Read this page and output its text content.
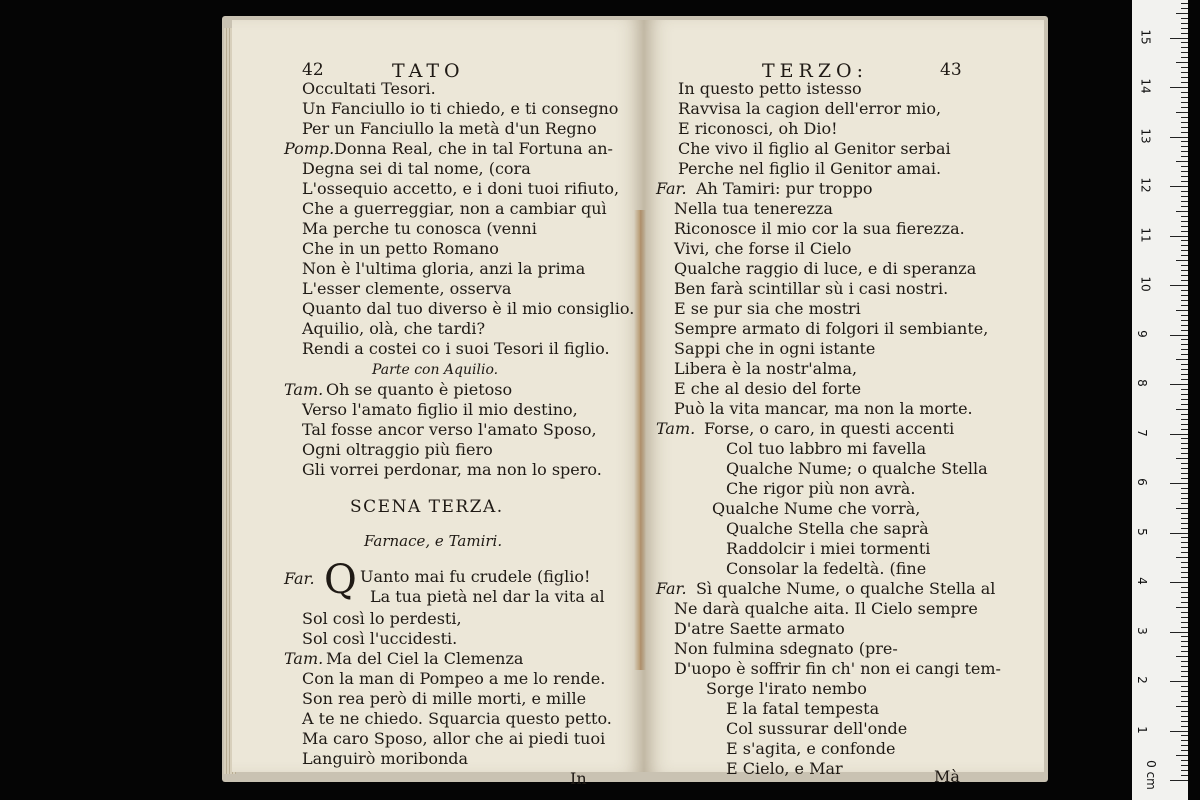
42	TATO
Occultati Tesori.
Un Fanciullo io ti chiedo, e ti consegno
Per un Fanciullo la metà d'un Regno
Pomp. Donna Real, che in tal Fortuna an-
Degna sei di tal nome, (cora
L'ossequio accetto, e i doni tuoi rifiuto,
Che a guerreggiar, non a cambiar quì
Ma perche tu conosca (venni
Che in un petto Romano
Non è l'ultima gloria, anzi la prima
L'esser clemente, osserva
Quanto dal tuo diverso è il mio consiglio.
Aquilio, olà, che tardi?
Rendi a costei co i suoi Tesori il figlio.
Parte con Aquilio.
Tam. Oh se quanto è pietoso
Verso l'amato figlio il mio destino,
Tal fosse ancor verso l'amato Sposo,
Ogni oltraggio più fiero
Gli vorrei perdonar, ma non lo spero.
SCENA TERZA.
Farnace, e Tamiri.
Far. Q Uanto mai fu crudele (figlio!
La tua pietà nel dar la vita al
Sol così lo perdesti,
Sol così l'uccidesti.
Tam. Ma del Ciel la Clemenza
Con la man di Pompeo a me lo rende.
Son rea però di mille morti, e mille
A te ne chiedo. Squarcia questo petto.
Ma caro Sposo, allor che ai piedi tuoi
Languirò moribonda
In
TERZO:	43
In questo petto istesso
Ravvisa la cagion dell'error mio,
E riconosci, oh Dio!
Che vivo il figlio al Genitor serbai
Perche nel figlio il Genitor amai.
Far. Ah Tamiri: pur troppo
Nella tua tenerezza
Riconosce il mio cor la sua fierezza.
Vivi, che forse il Cielo
Qualche raggio di luce, e di speranza
Ben farà scintillar sù i casi nostri.
E se pur sia che mostri
Sempre armato di folgori il sembiante,
Sappi che in ogni istante
Libera è la nostr'alma,
E che al desio del forte
Può la vita mancar, ma non la morte.
Tam. Forse, o caro, in questi accenti
Col tuo labbro mi favella
Qualche Nume; o qualche Stella
Che rigor più non avrà.
Qualche Nume che vorrà,
Qualche Stella che saprà
Raddolcir i miei tormenti
Consolar la fedeltà. (fine
Far. Sì qualche Nume, o qualche Stella al
Ne darà qualche aita. Il Cielo sempre
D'atre Saette armato
Non fulmina sdegnato (pre-
D'uopo è soffrir fin ch' non ei cangi tem-
Sorge l'irato nembo
E la fatal tempesta
Col sussurar dell'onde
E s'agita, e confonde
E Cielo, e Mar	Mà	0 cm
1
2
3
4
5
6
7
8
9
10
11
12
13
14
15
